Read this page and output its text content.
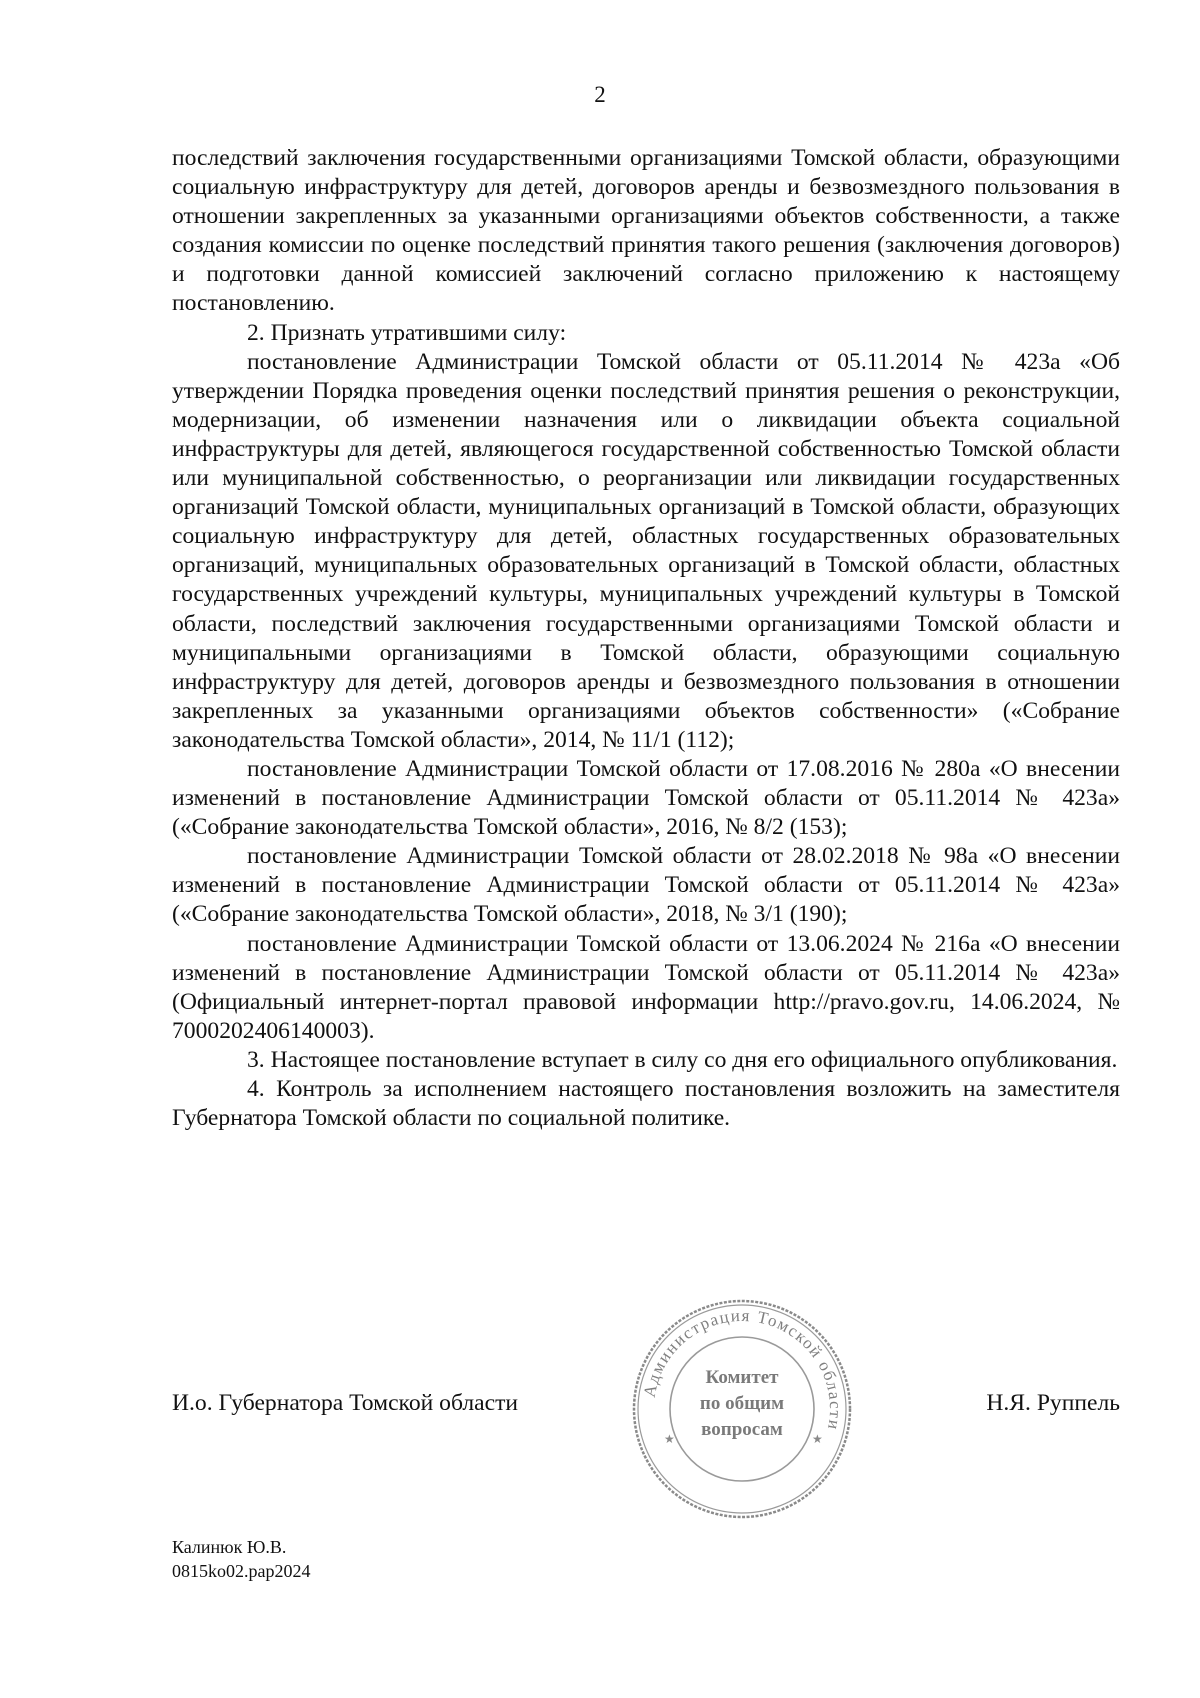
2

последствий заключения государственными организациями Томской области, образующими социальную инфраструктуру для детей, договоров аренды и безвозмездного пользования в отношении закрепленных за указанными организациями объектов собственности, а также создания комиссии по оценке последствий принятия такого решения (заключения договоров) и подготовки данной комиссией заключений согласно приложению к настоящему постановлению.

2. Признать утратившими силу:

постановление Администрации Томской области от 05.11.2014 № 423а «Об утверждении Порядка проведения оценки последствий принятия решения о реконструкции, модернизации, об изменении назначения или о ликвидации объекта социальной инфраструктуры для детей, являющегося государственной собственностью Томской области или муниципальной собственностью, о реорганизации или ликвидации государственных организаций Томской области, муниципальных организаций в Томской области, образующих социальную инфраструктуру для детей, областных государственных образовательных организаций, муниципальных образовательных организаций в Томской области, областных государственных учреждений культуры, муниципальных учреждений культуры в Томской области, последствий заключения государственными организациями Томской области и муниципальными организациями в Томской области, образующими социальную инфраструктуру для детей, договоров аренды и безвозмездного пользования в отношении закрепленных за указанными организациями объектов собственности» («Собрание законодательства Томской области», 2014, № 11/1 (112);

постановление Администрации Томской области от 17.08.2016 № 280а «О внесении изменений в постановление Администрации Томской области от 05.11.2014 № 423а» («Собрание законодательства Томской области», 2016, № 8/2 (153);

постановление Администрации Томской области от 28.02.2018 № 98а «О внесении изменений в постановление Администрации Томской области от 05.11.2014 № 423а» («Собрание законодательства Томской области», 2018, № 3/1 (190);

постановление Администрации Томской области от 13.06.2024 № 216а «О внесении изменений в постановление Администрации Томской области от 05.11.2014 № 423а» (Официальный интернет-портал правовой информации http://pravo.gov.ru, 14.06.2024, № 7000202406140003).

3. Настоящее постановление вступает в силу со дня его официального опубликования.

4. Контроль за исполнением настоящего постановления возложить на заместителя Губернатора Томской области по социальной политике.

И.о. Губернатора Томской области	Н.Я. Руппель
Администрация Томской области
Комитет
по общим
вопросам
★	★
Калинюк Ю.В.
0815ko02.pap2024
